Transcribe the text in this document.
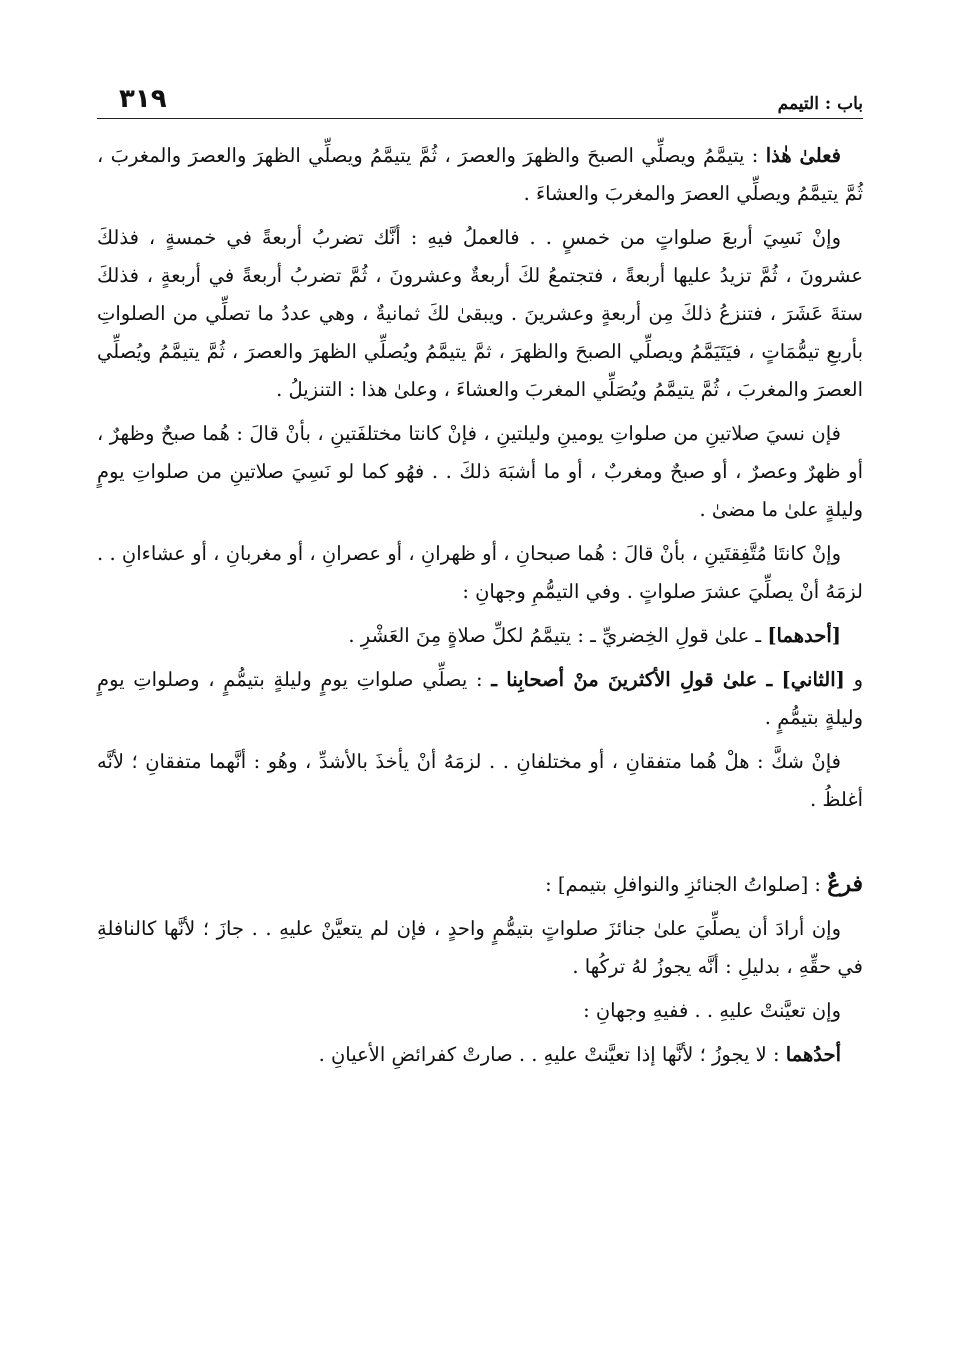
باب : التيمم
٣١٩

فعلىٰ هٰذا : يتيمَّمُ ويصلِّي الصبحَ والظهرَ والعصرَ ، ثُمَّ يتيمَّمُ ويصلِّي الظهرَ والعصرَ والمغربَ ، ثُمَّ يتيمَّمُ ويصلِّي العصرَ والمغربَ والعشاءَ .

وإنْ نَسِيَ أربعَ صلواتٍ من خمسٍ . . فالعملُ فيهِ : أنَّك تضربُ أربعةً في خمسةٍ ، فذلكَ عشرونَ ، ثُمَّ تزيدُ عليها أربعةً ، فتجتمعُ لكَ أربعةٌ وعشرونَ ، ثُمَّ تضربُ أربعةً في أربعةٍ ، فذلكَ ستةَ عَشَرَ ، فتنزعُ ذلكَ مِن أربعةٍ وعشرينَ . ويبقىٰ لكَ ثمانيةٌ ، وهي عددُ ما تصلِّي من الصلواتِ بأربعِ تيمُّمَاتٍ ، فيَتَيَمَّمُ ويصلِّي الصبحَ والظهرَ ، ثمَّ يتيمَّمُ ويُصلِّي الظهرَ والعصرَ ، ثُمَّ يتيمَّمُ ويُصلِّي العصرَ والمغربَ ، ثُمَّ يتيمَّمُ ويُصَلِّي المغربَ والعشاءَ ، وعلىٰ هذا : التنزيلُ .

فإن نسيَ صلاتينِ من صلواتِ يومينِ وليلتينِ ، فإنْ كانتا مختلفَتينِ ، بأنْ قالَ : هُما صبحٌ وظهرٌ ، أو ظهرٌ وعصرٌ ، أو صبحٌ ومغربٌ ، أو ما أشبَهَ ذلكَ . . فهُو كما لو نَسِيَ صلاتينِ من صلواتِ يومٍ وليلةٍ علىٰ ما مضىٰ .

وإنْ كانتَا مُتَّفِقتَينِ ، بأنْ قالَ : هُما صبحانِ ، أو ظهرانِ ، أو عصرانِ ، أو مغربانِ ، أو عشاءانِ . . لزمَهُ أنْ يصلِّيَ عشرَ صلواتٍ . وفي التيمُّمِ وجهانِ :

[أحدهما] ـ علىٰ قولِ الخِضريِّ ـ : يتيمَّمُ لكلِّ صلاةٍ مِنَ العَشْرِ .

و [الثاني] ـ علىٰ قولِ الأكثرينَ منْ أصحابِنا ـ : يصلِّي صلواتِ يومٍ وليلةٍ بتيمُّمٍ ، وصلواتِ يومٍ وليلةٍ بتيمُّمٍ .

فإنْ شكَّ : هلْ هُما متفقانِ ، أو مختلفانِ . . لزمَهُ أنْ يأخذَ بالأشدِّ ، وهُو : أنَّهما متفقانِ ؛ لأنَّه أغلظُ .

فرعٌ : [صلواتُ الجنائزِ والنوافلِ بتيمم] :

وإن أرادَ أن يصلِّيَ علىٰ جنائزَ صلواتٍ بتيمُّمٍ واحدٍ ، فإن لم يتعيَّنْ عليهِ . . جازَ ؛ لأنَّها كالنافلةِ في حقِّهِ ، بدليلِ : أنَّه يجوزُ لهُ تركُها .

وإن تعيَّنتْ عليهِ . . ففيهِ وجهانِ :

أحدُهما : لا يجوزُ ؛ لأنَّها إذا تعيَّنتْ عليهِ . . صارتْ كفرائضِ الأعيانِ .
